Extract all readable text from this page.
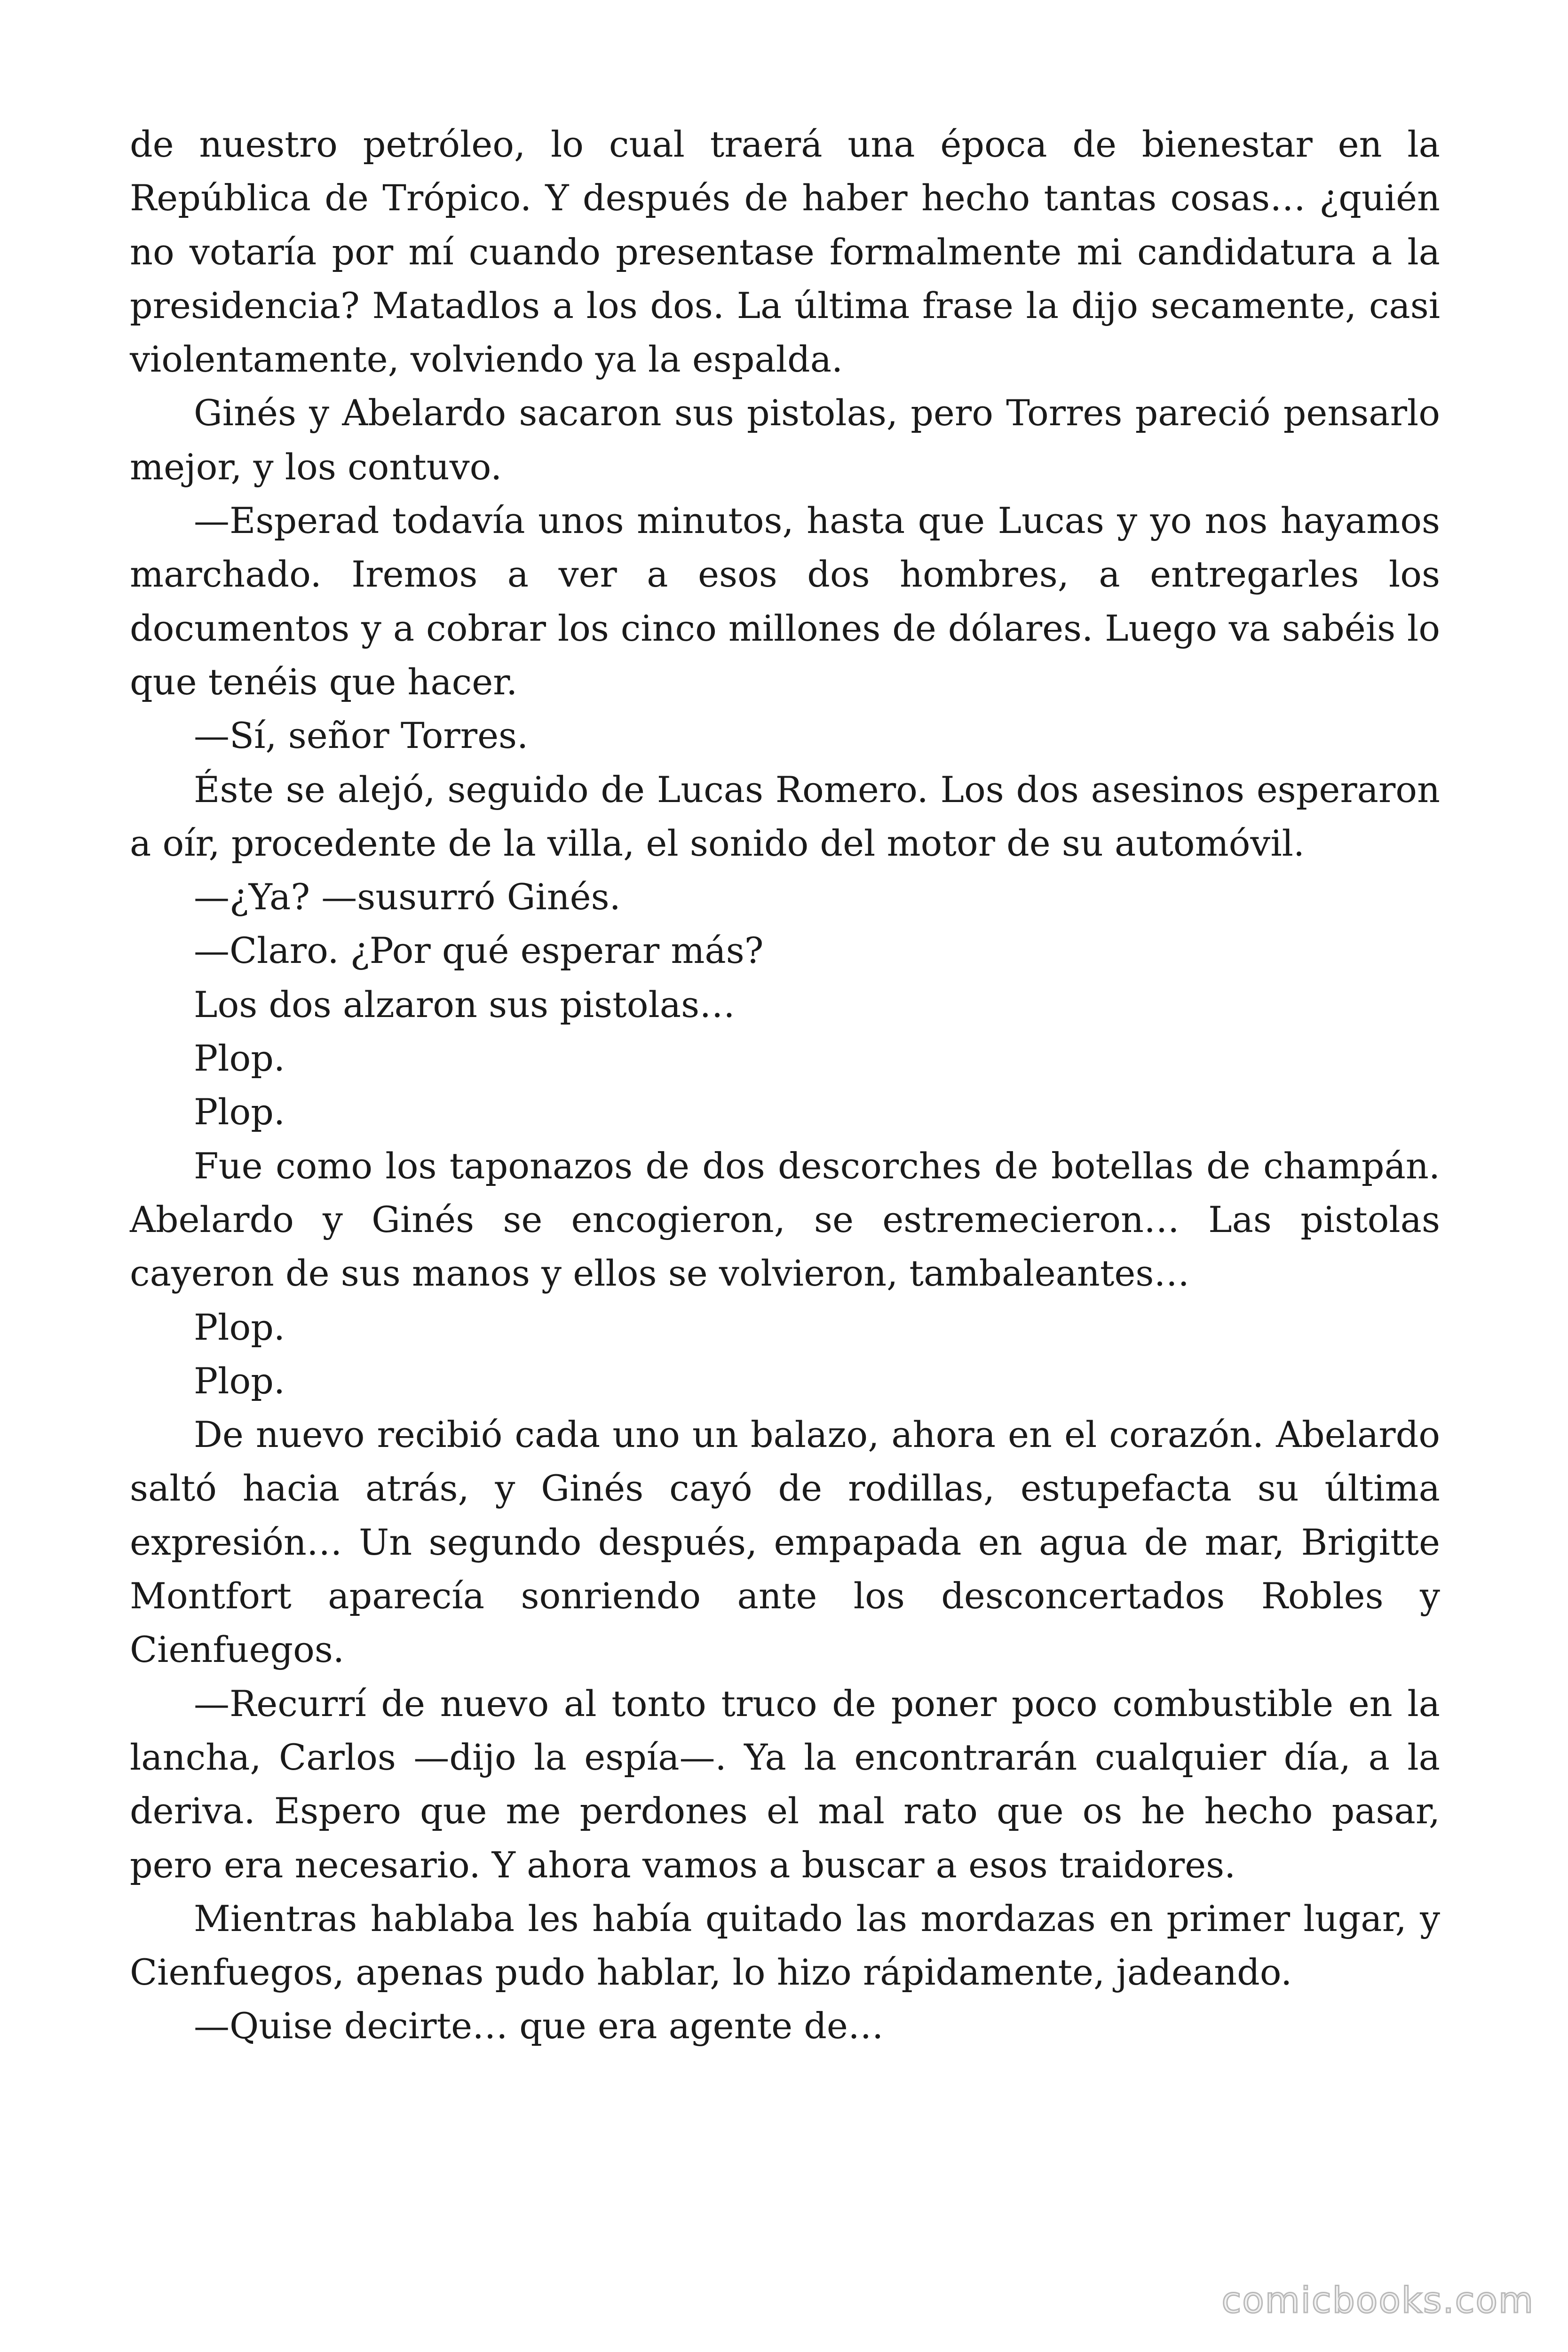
de nuestro petróleo, lo cual traerá una época de bienestar en la República de Trópico. Y después de haber hecho tantas cosas… ¿quién no votaría por mí cuando presentase formalmente mi candidatura a la presidencia? Matadlos a los dos. La última frase la dijo secamente, casi violentamente, volviendo ya la espalda.

Ginés y Abelardo sacaron sus pistolas, pero Torres pareció pensarlo mejor, y los contuvo.

—Esperad todavía unos minutos, hasta que Lucas y yo nos hayamos marchado. Iremos a ver a esos dos hombres, a entregarles los documentos y a cobrar los cinco millones de dólares. Luego va sabéis lo que tenéis que hacer.

—Sí, señor Torres.

Éste se alejó, seguido de Lucas Romero. Los dos asesinos esperaron a oír, procedente de la villa, el sonido del motor de su automóvil.

—¿Ya? —susurró Ginés.

—Claro. ¿Por qué esperar más?

Los dos alzaron sus pistolas…

Plop.

Plop.

Fue como los taponazos de dos descorches de botellas de champán. Abelardo y Ginés se encogieron, se estremecieron… Las pistolas cayeron de sus manos y ellos se volvieron, tambaleantes…

Plop.

Plop.

De nuevo recibió cada uno un balazo, ahora en el corazón. Abelardo saltó hacia atrás, y Ginés cayó de rodillas, estupefacta su última expresión… Un segundo después, empapada en agua de mar, Brigitte Montfort aparecía sonriendo ante los desconcertados Robles y Cienfuegos.

—Recurrí de nuevo al tonto truco de poner poco combustible en la lancha, Carlos —dijo la espía—. Ya la encontrarán cualquier día, a la deriva. Espero que me perdones el mal rato que os he hecho pasar, pero era necesario. Y ahora vamos a buscar a esos traidores.

Mientras hablaba les había quitado las mordazas en primer lugar, y Cienfuegos, apenas pudo hablar, lo hizo rápidamente, jadeando.

—Quise decirte… que era agente de…

comicbooks.com
